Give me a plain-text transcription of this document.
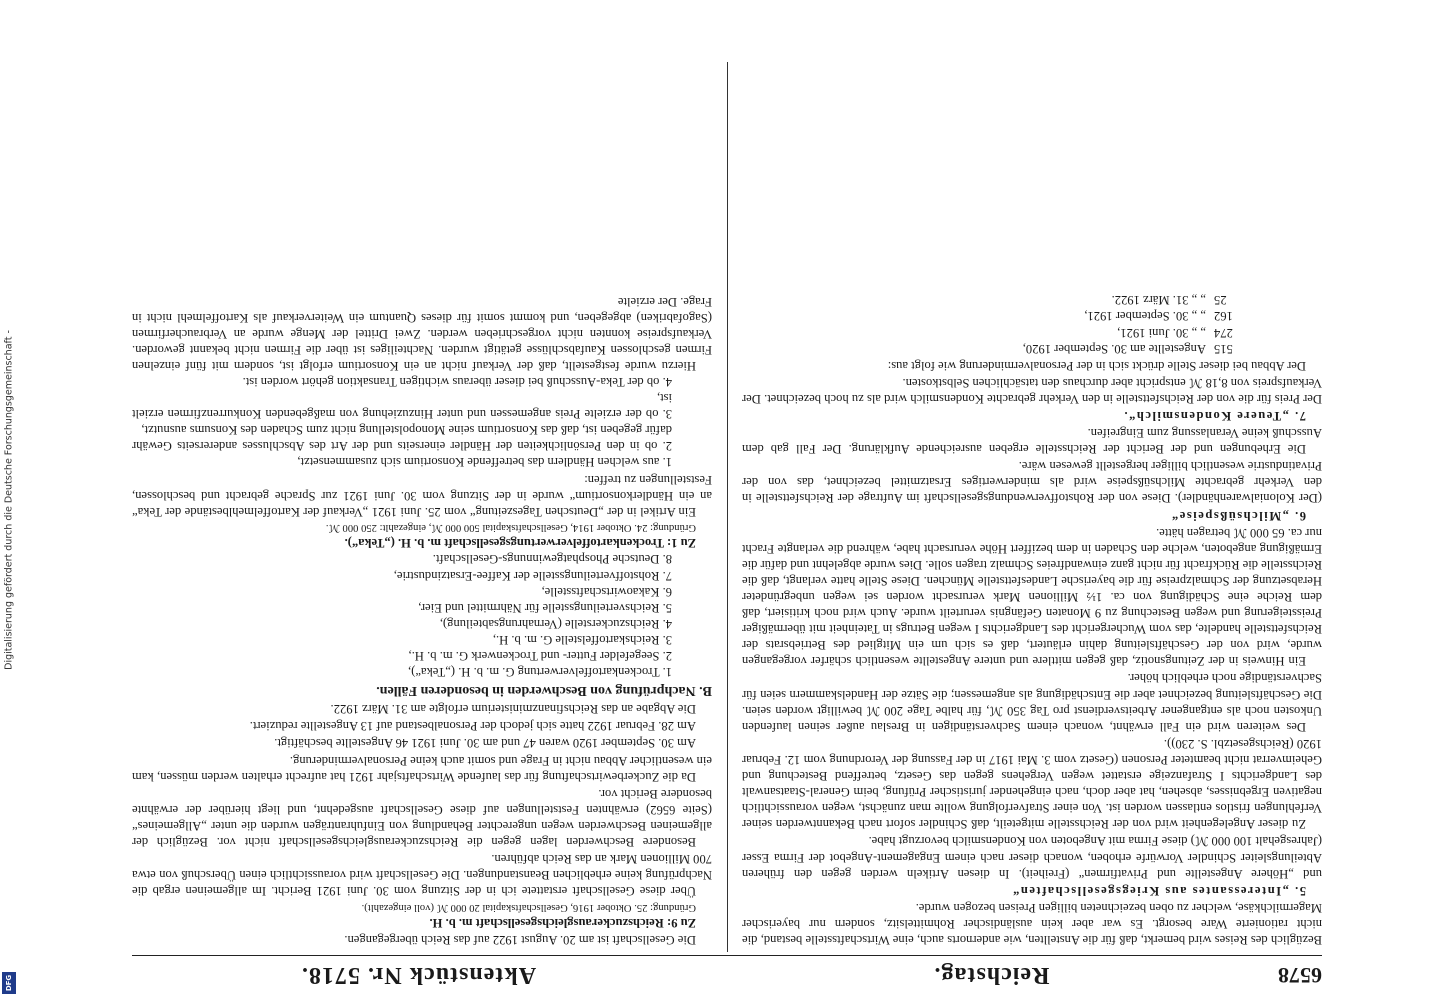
Digitalisierung gefördert durch die Deutsche Forschungsgemeinschaft -
DFG	6578
Reichstag.
Aktenstück Nr. 5718.

Bezüglich des Reises wird bemerkt, daß für die Anstellten, wie andernorts auch, eine Wirtschaftsstelle bestand, die nicht rationierte Ware besorgt. Es war aber kein ausländischer Rohmittelsitz, sondern nur bayerischer Magermilchkäse, welcher zu oben bezeichneten billigen Preisen bezogen wurde.

5. „Interessantes aus Kriegsgesellschaften“

und „Höhere Angestellte und Privatfirmen“ (Freiheit). In diesen Artikeln werden gegen den früheren Abteilungsleiter Schindler Vorwürfe erhoben, wonach dieser nach einem Engagement-Angebot der Firma Esser (Jahresgehalt 100 000 ℳ) diese Firma mit Angeboten von Kondensmilch bevorzugt habe.

Zu dieser Angelegenheit wird von der Reichsstelle mitgeteilt, daß Schindler sofort nach Bekanntwerden seiner Verfehlungen fristlos entlassen worden ist. Von einer Strafverfolgung wollte man zunächst, wegen voraussichtlich negativen Ergebnisses, absehen, hat aber doch, nach eingehender juristischer Prüfung, beim General-Staatsanwalt des Landgerichts I Strafanzeige erstattet wegen Vergehens gegen das Gesetz, betreffend Bestechung und Geheimverrat nicht beamteter Personen (Gesetz vom 3. Mai 1917 in der Fassung der Verordnung vom 12. Februar 1920 (Reichsgesetzbl. S. 230)).

Des weiteren wird ein Fall erwähnt, wonach einem Sachverständigen in Breslau außer seinen laufenden Unkosten noch als entgangener Arbeitsverdienst pro Tag 350 ℳ, für halbe Tage 200 ℳ bewilligt worden seien. Die Geschäftsleitung bezeichnet aber die Entschädigung als angemessen; die Sätze der Handelskammern seien für Sachverständige noch erheblich höher.

Ein Hinweis in der Zeitungsnotiz, daß gegen mittlere und untere Angestellte wesentlich schärfer vorgegangen wurde, wird von der Geschäftsleitung dahin erläutert, daß es sich um ein Mitglied des Betriebsrats der Reichsfettstelle handelte, das vom Wuchergericht des Landgerichts I wegen Betrugs in Tateinheit mit übermäßiger Preissteigerung und wegen Bestechung zu 9 Monaten Gefängnis verurteilt wurde. Auch wird noch kritisiert, daß dem Reiche eine Schädigung von ca. 1½ Millionen Mark verursacht worden sei wegen unbegründeter Herabsetzung der Schmalzpreise für die bayerische Landesfettstelle München. Diese Stelle hatte verlangt, daß die Reichsstelle die Rückfracht für nicht ganz einwandfreies Schmalz tragen solle. Dies wurde abgelehnt und dafür die Ermäßigung angeboten, welche den Schaden in dem beziffert Höhe verursacht habe, während die verlangte Fracht nur ca. 65 000 ℳ betragen hätte.

6. „Milchsüßspeise“

(Der Kolonialwarenhändler). Diese von der Rohstoffverwendungsgesellschaft im Auftrage der Reichsfettstelle in den Verkehr gebrachte Milchsüßspeise wird als minderwertiges Ersatzmittel bezeichnet, das von der Privatindustrie wesentlich billiger hergestellt gewesen wäre.

Die Erhebungen und der Bericht der Reichsstelle ergeben ausreichende Aufklärung. Der Fall gab dem Ausschuß keine Veranlassung zum Eingreifen.

7. „Teuere Kondensmilch“.

Der Preis für die von der Reichsfettstelle in den Verkehr gebrachte Kondensmilch wird als zu hoch bezeichnet. Der Verkaufspreis von 8,18 ℳ entspricht aber durchaus den tatsächlichen Selbstkosten.

Der Abbau bei dieser Stelle drückt sich in der Personalverminderung wie folgt aus:

515
Angestellte am 30. September 1920,
274
„ „ 30. Juni 1921,
162
„ „ 30. September 1921,
25
„ „ 31. März 1922.

Die Gesellschaft ist am 20. August 1922 auf das Reich übergegangen.

Zu 9: Reichszuckerausgleichsgesellschaft m. b. H.

Gründung: 25. Oktober 1916, Gesellschaftskapital 20 000 ℳ (voll eingezahlt).

Über diese Gesellschaft erstattete ich in der Sitzung vom 30. Juni 1921 Bericht. Im allgemeinen ergab die Nachprüfung keine erheblichen Beanstandungen. Die Gesellschaft wird voraussichtlich einen Überschuß von etwa 700 Millionen Mark an das Reich abführen.

Besondere Beschwerden lagen gegen die Reichszuckerausgleichsgesellschaft nicht vor. Bezüglich der allgemeinen Beschwerden wegen ungerechter Behandlung von Einfuhranträgen wurden die unter „Allgemeines“ (Seite 6562) erwähnten Feststellungen auf diese Gesellschaft ausgedehnt, und liegt hierüber der erwähnte besondere Bericht vor.

Da die Zuckerbewirtschaftung für das laufende Wirtschaftsjahr 1921 hat aufrecht erhalten werden müssen, kam ein wesentlicher Abbau nicht in Frage und somit auch keine Personalverminderung.

Am 30. September 1920 waren 47 und am 30. Juni 1921 46 Angestellte beschäftigt.

Am 28. Februar 1922 hatte sich jedoch der Personalbestand auf 13 Angestellte reduziert.

Die Abgabe an das Reichsfinanzministerium erfolgte am 31. März 1922.

B. Nachprüfung von Beschwerden in besonderen Fällen.

1. Trockenkartoffelverwertung G. m. b. H. („Teka“),
2. Seegefelder Futter- und Trockenwerk G. m. b. H.,
3. Reichskartoffelstelle G. m. b. H.,
4. Reichszuckerstelle (Vernahrungsabteilung),
5. Reichsverteilungsstelle für Nährmittel und Eier,
6. Kakaowirtschaftsstelle,
7. Rohstoffverteilungsstelle der Kaffee-Ersatzindustrie,
8. Deutsche Phosphatgewinnungs-Gesellschaft.

Zu 1: Trockenkartoffelverwertungsgesellschaft m. b. H. („Teka“).

Gründung: 24. Oktober 1914, Gesellschaftskapital 500 000 ℳ, eingezahlt: 250 000 ℳ.

Ein Artikel in der „Deutschen Tageszeitung“ vom 25. Juni 1921 „Verkauf der Kartoffelmehlbestände der Teka“ an ein Händlerkonsortium“ wurde in der Sitzung vom 30. Juni 1921 zur Sprache gebracht und beschlossen, Feststellungen zu treffen:

1. aus welchen Händlern das betreffende Konsortium sich zusammensetzt,
2. ob in den Persönlichkeiten der Händler einerseits und der Art des Abschlusses andererseits Gewähr dafür gegeben ist, daß das Konsortium seine Monopolstellung nicht zum Schaden des Konsums ausnutzt,
3. ob der erzielte Preis angemessen und unter Hinzuziehung von maßgebenden Konkurrenzfirmen erzielt ist,
4. ob der Teka-Ausschuß bei dieser überaus wichtigen Transaktion gehört worden ist.

Hierzu wurde festgestellt, daß der Verkauf nicht an ein Konsortium erfolgt ist, sondern mit fünf einzelnen Firmen geschlossen Kaufabschlüsse getätigt wurden. Nachteiliges ist über die Firmen nicht bekannt geworden. Verkaufspreise konnten nicht vorgeschrieben werden. Zwei Drittel der Menge wurde an Verbraucherfirmen (Sagofabriken) abgegeben, und kommt somit für dieses Quantum ein Weiterverkauf als Kartoffelmehl nicht in Frage. Der erzielte
